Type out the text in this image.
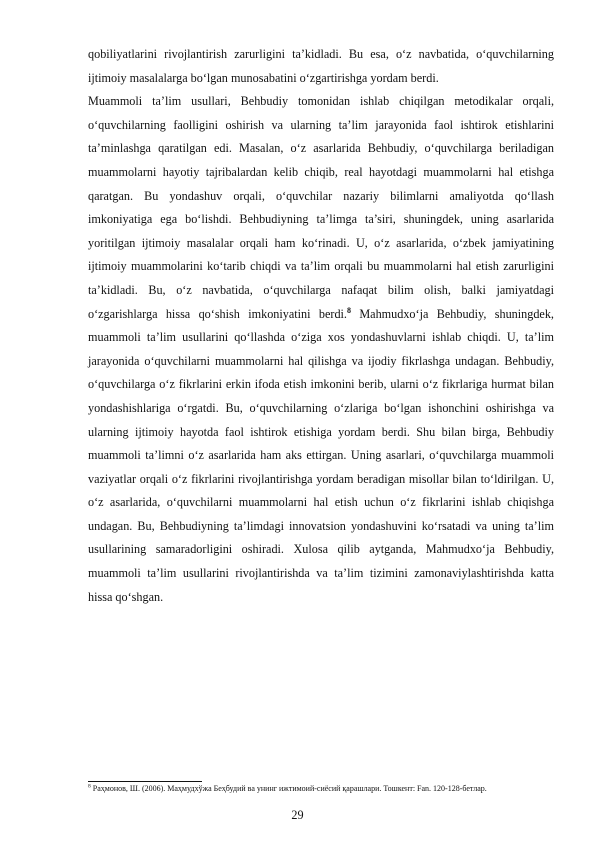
qobiliyatlarini rivojlantirish zarurligini ta’kidladi. Bu esa, o‘z navbatida, o‘quvchilarning ijtimoiy masalalarga bo‘lgan munosabatini o‘zgartirishga yordam berdi.

Muammoli ta’lim usullari, Behbudiy tomonidan ishlab chiqilgan metodikalar orqali, o‘quvchilarning faolligini oshirish va ularning ta’lim jarayonida faol ishtirok etishlarini ta’minlashga qaratilgan edi. Masalan, o‘z asarlarida Behbudiy, o‘quvchilarga beriladigan muammolarni hayotiy tajribalardan kelib chiqib, real hayotdagi muammolarni hal etishga qaratgan. Bu yondashuv orqali, o‘quvchilar nazariy bilimlarni amaliyotda qo‘llash imkoniyatiga ega bo‘lishdi. Behbudiyning ta’limga ta’siri, shuningdek, uning asarlarida yoritilgan ijtimoiy masalalar orqali ham ko‘rinadi. U, o‘z asarlarida, o‘zbek jamiyatining ijtimoiy muammolarini ko‘tarib chiqdi va ta’lim orqali bu muammolarni hal etish zarurligini ta’kidladi. Bu, o‘z navbatida, o‘quvchilarga nafaqat bilim olish, balki jamiyatdagi o‘zgarishlarga hissa qo‘shish imkoniyatini berdi.$^8$ Mahmudxo‘ja Behbudiy, shuningdek, muammoli ta’lim usullarini qo‘llashda o‘ziga xos yondashuvlarni ishlab chiqdi. U, ta’lim jarayonida o‘quvchilarni muammolarni hal qilishga va ijodiy fikrlashga undagan. Behbudiy, o‘quvchilarga o‘z fikrlarini erkin ifoda etish imkonini berib, ularni o‘z fikrlariga hurmat bilan yondashishlariga o‘rgatdi. Bu, o‘quvchilarning o‘zlariga bo‘lgan ishonchini oshirishga va ularning ijtimoiy hayotda faol ishtirok etishiga yordam berdi. Shu bilan birga, Behbudiy muammoli ta’limni o‘z asarlarida ham aks ettirgan. Uning asarlari, o‘quvchilarga muammoli vaziyatlar orqali o‘z fikrlarini rivojlantirishga yordam beradigan misollar bilan to‘ldirilgan. U, o‘z asarlarida, o‘quvchilarni muammolarni hal etish uchun o‘z fikrlarini ishlab chiqishga undagan. Bu, Behbudiyning ta’limdagi innovatsion yondashuvini ko‘rsatadi va uning ta’lim usullarining samaradorligini oshiradi. Xulosa qilib aytganda, Mahmudxo‘ja Behbudiy, muammoli ta’lim usullarini rivojlantirishda va ta’lim tizimini zamonaviylashtirishda katta hissa qo‘shgan.

$^8$ Раҳмонов, Ш. (2006). Маҳмудхўжа Беҳбудий ва унинг ижтимоий-сиёсий қарашлари. Тошкент: Fan. 120-128-бетлар.
29
